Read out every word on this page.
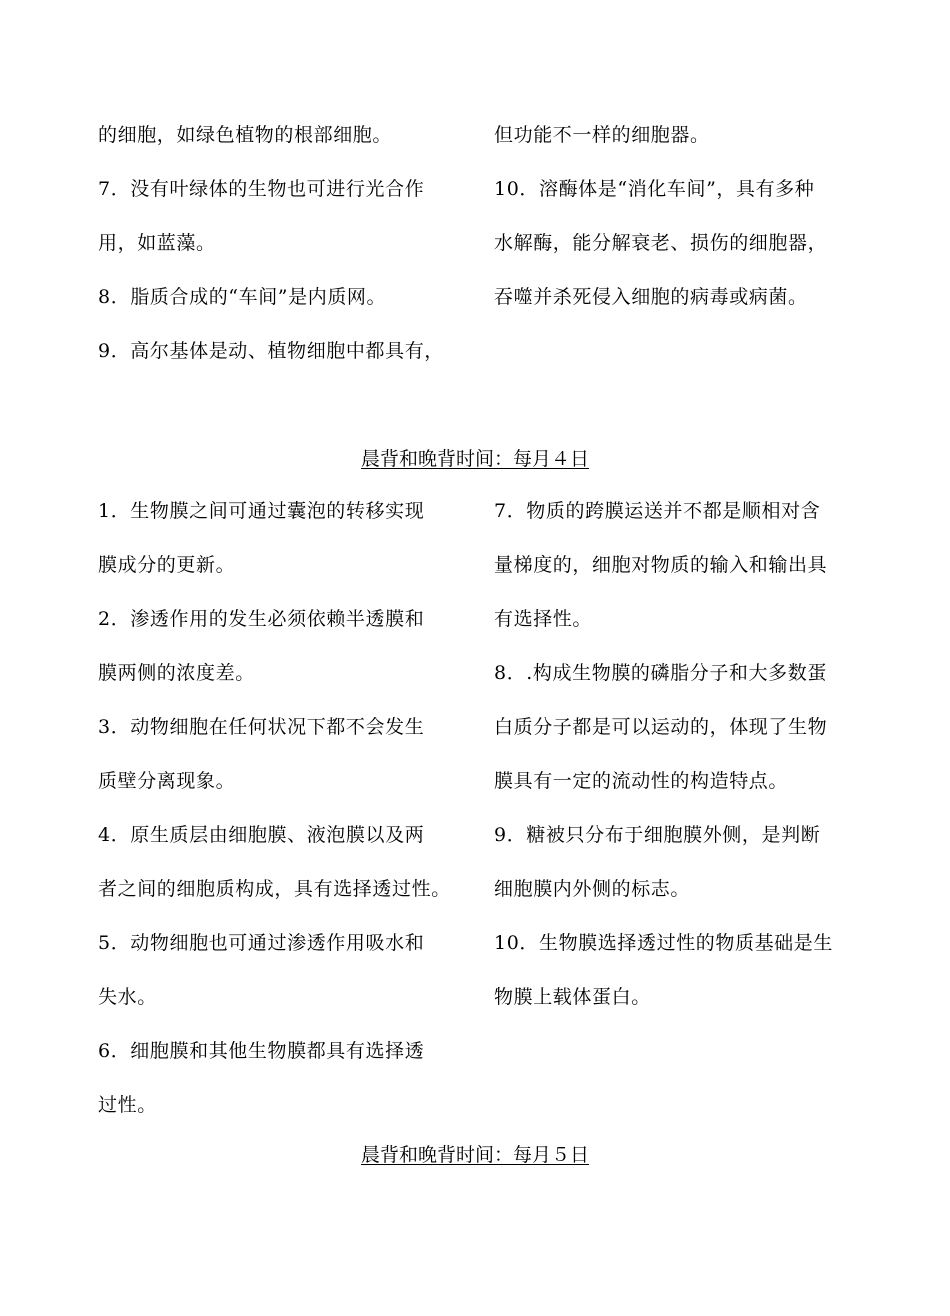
的细胞，如绿色植物的根部细胞。
7．没有叶绿体的生物也可进行光合作
用，如蓝藻。
8．脂质合成的“车间”是内质网。
9．高尔基体是动、植物细胞中都具有，
但功能不一样的细胞器。
10．溶酶体是“消化车间”，具有多种
水解酶，能分解衰老、损伤的细胞器，
吞噬并杀死侵入细胞的病毒或病菌。
晨背和晚背时间：每月４日
1．生物膜之间可通过囊泡的转移实现
膜成分的更新。
2．渗透作用的发生必须依赖半透膜和
膜两侧的浓度差。
3．动物细胞在任何状况下都不会发生
质壁分离现象。
4．原生质层由细胞膜、液泡膜以及两
者之间的细胞质构成，具有选择透过性。
5．动物细胞也可通过渗透作用吸水和
失水。
6．细胞膜和其他生物膜都具有选择透
过性。
7．物质的跨膜运送并不都是顺相对含
量梯度的，细胞对物质的输入和输出具
有选择性。
8．.构成生物膜的磷脂分子和大多数蛋
白质分子都是可以运动的，体现了生物
膜具有一定的流动性的构造特点。
9．糖被只分布于细胞膜外侧，是判断
细胞膜内外侧的标志。
10．生物膜选择透过性的物质基础是生
物膜上载体蛋白。
晨背和晚背时间：每月５日
